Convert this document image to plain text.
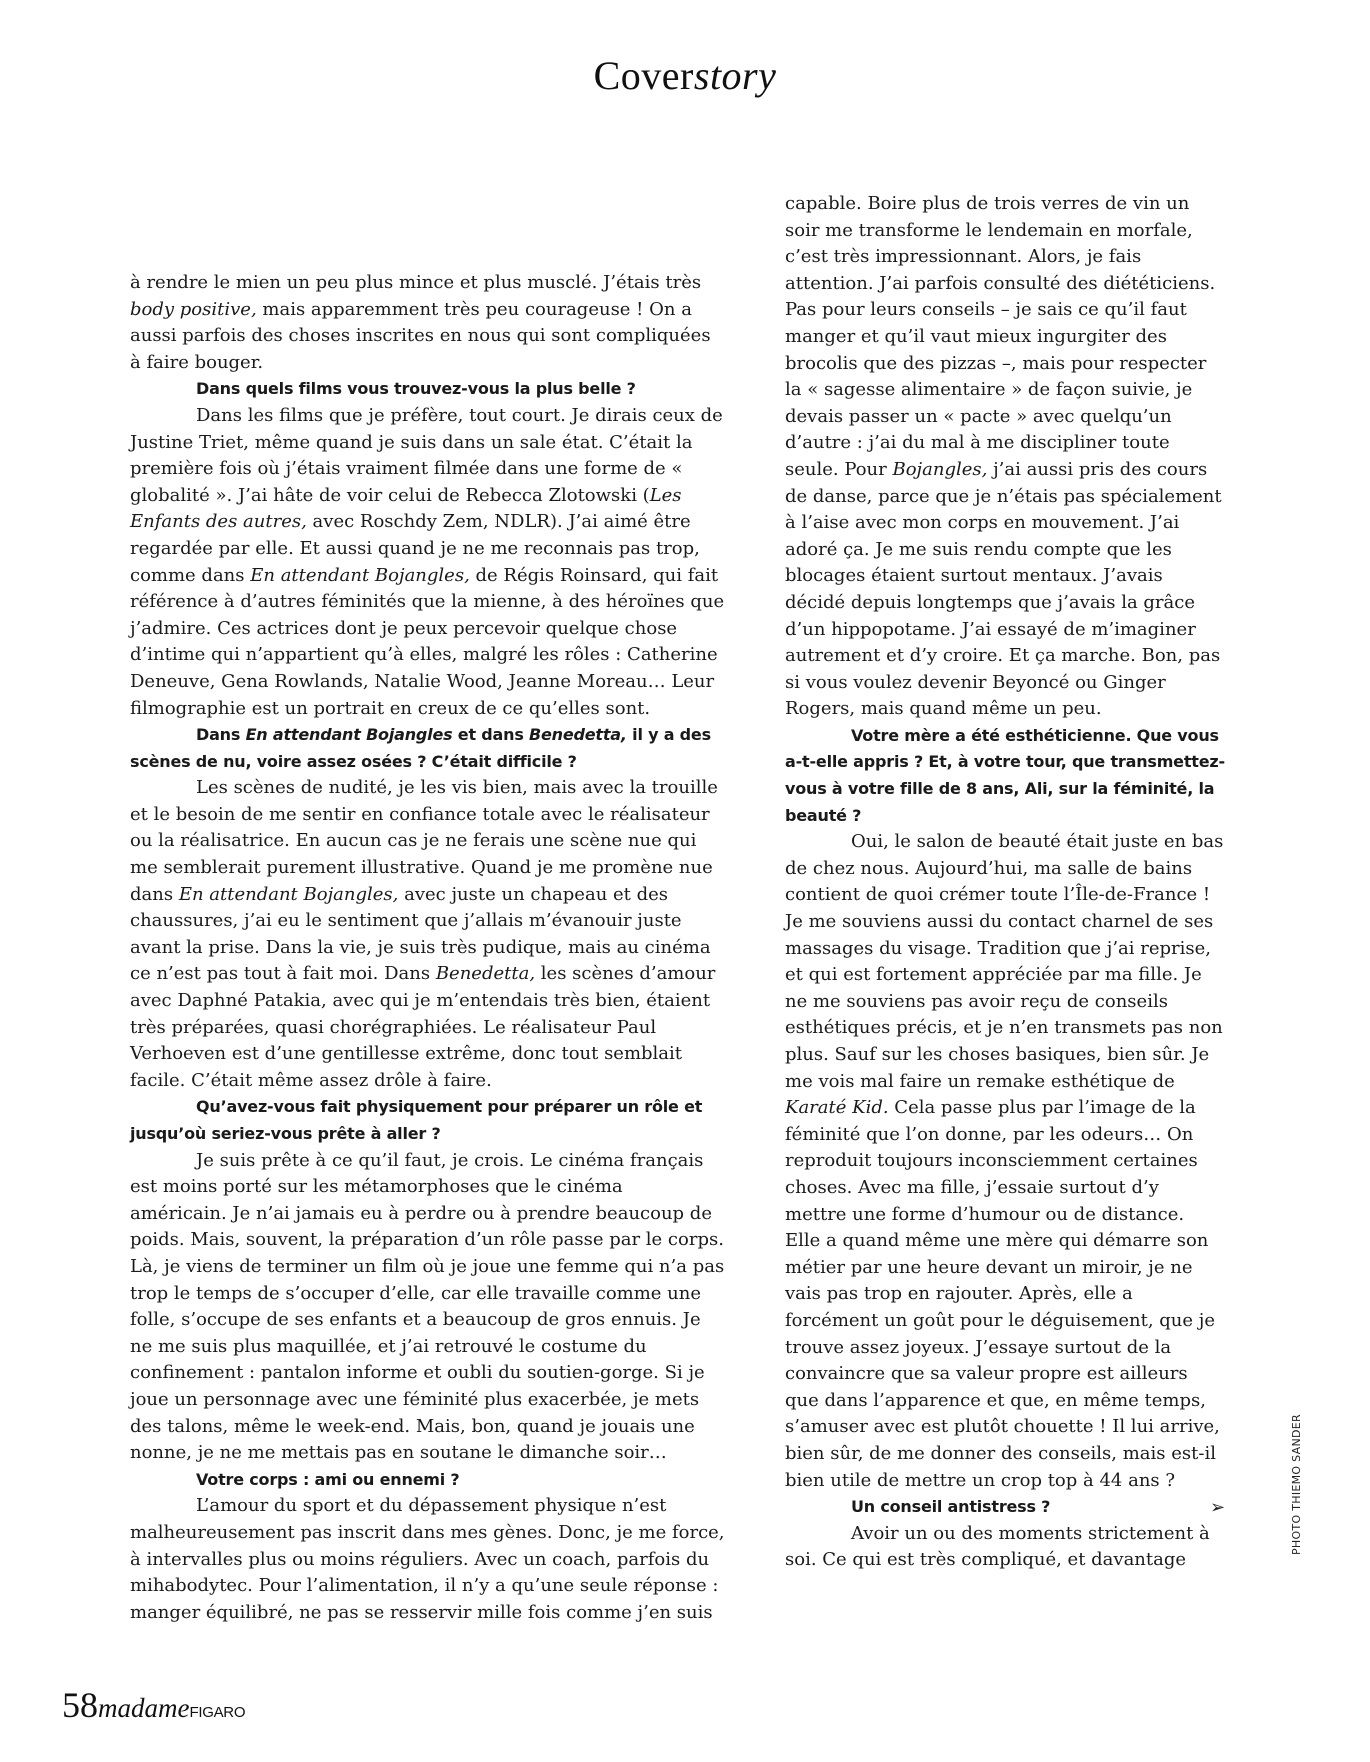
Coverstory

à rendre le mien un peu plus mince et plus musclé. J’étais très body positive, mais apparemment très peu courageuse ! On a aussi parfois des choses inscrites en nous qui sont compliquées à faire bouger.

Dans quels films vous trouvez-vous la plus belle ?

Dans les films que je préfère, tout court. Je dirais ceux de Justine Triet, même quand je suis dans un sale état. C’était la première fois où j’étais vraiment filmée dans une forme de « globalité ». J’ai hâte de voir celui de Rebecca Zlotowski (Les Enfants des autres, avec Roschdy Zem, NDLR). J’ai aimé être regardée par elle. Et aussi quand je ne me reconnais pas trop, comme dans En attendant Bojangles, de Régis Roinsard, qui fait référence à d’autres féminités que la mienne, à des héroïnes que j’admire. Ces actrices dont je peux percevoir quelque chose d’intime qui n’appartient qu’à elles, malgré les rôles : Catherine Deneuve, Gena Rowlands, Natalie Wood, Jeanne Moreau… Leur filmographie est un portrait en creux de ce qu’elles sont.

Dans En attendant Bojangles et dans Benedetta, il y a des scènes de nu, voire assez osées ? C’était difficile ?

Les scènes de nudité, je les vis bien, mais avec la trouille et le besoin de me sentir en confiance totale avec le réalisateur ou la réalisatrice. En aucun cas je ne ferais une scène nue qui me semblerait purement illustrative. Quand je me promène nue dans En attendant Bojangles, avec juste un chapeau et des chaussures, j’ai eu le sentiment que j’allais m’évanouir juste avant la prise. Dans la vie, je suis très pudique, mais au cinéma ce n’est pas tout à fait moi. Dans Benedetta, les scènes d’amour avec Daphné Patakia, avec qui je m’entendais très bien, étaient très préparées, quasi chorégraphiées. Le réalisateur Paul Verhoeven est d’une gentillesse extrême, donc tout semblait facile. C’était même assez drôle à faire.

Qu’avez-vous fait physiquement pour préparer un rôle et jusqu’où seriez-vous prête à aller ?

Je suis prête à ce qu’il faut, je crois. Le cinéma français est moins porté sur les métamorphoses que le cinéma américain. Je n’ai jamais eu à perdre ou à prendre beaucoup de poids. Mais, souvent, la préparation d’un rôle passe par le corps. Là, je viens de terminer un film où je joue une femme qui n’a pas trop le temps de s’occuper d’elle, car elle travaille comme une folle, s’occupe de ses enfants et a beaucoup de gros ennuis. Je ne me suis plus maquillée, et j’ai retrouvé le costume du confinement : pantalon informe et oubli du soutien-gorge. Si je joue un personnage avec une féminité plus exacerbée, je mets des talons, même le week-end. Mais, bon, quand je jouais une nonne, je ne me mettais pas en soutane le dimanche soir…

Votre corps : ami ou ennemi ?

L’amour du sport et du dépassement physique n’est malheureusement pas inscrit dans mes gènes. Donc, je me force, à intervalles plus ou moins réguliers. Avec un coach, parfois du mihabodytec. Pour l’alimentation, il n’y a qu’une seule réponse : manger équilibré, ne pas se resservir mille fois comme j’en suis

capable. Boire plus de trois verres de vin un soir me transforme le lendemain en morfale, c’est très impressionnant. Alors, je fais attention. J’ai parfois consulté des diététiciens. Pas pour leurs conseils – je sais ce qu’il faut manger et qu’il vaut mieux ingurgiter des brocolis que des pizzas –, mais pour respecter la « sagesse alimentaire » de façon suivie, je devais passer un « pacte » avec quelqu’un d’autre : j’ai du mal à me discipliner toute seule. Pour Bojangles, j’ai aussi pris des cours de danse, parce que je n’étais pas spécialement à l’aise avec mon corps en mouvement. J’ai adoré ça. Je me suis rendu compte que les blocages étaient surtout mentaux. J’avais décidé depuis longtemps que j’avais la grâce d’un hippopotame. J’ai essayé de m’imaginer autrement et d’y croire. Et ça marche. Bon, pas si vous voulez devenir Beyoncé ou Ginger Rogers, mais quand même un peu.

Votre mère a été esthéticienne. Que vous a-t-elle appris ? Et, à votre tour, que transmettez-vous à votre fille de 8 ans, Ali, sur la féminité, la beauté ?

Oui, le salon de beauté était juste en bas de chez nous. Aujourd’hui, ma salle de bains contient de quoi crémer toute l’Île-de-France ! Je me souviens aussi du contact charnel de ses massages du visage. Tradition que j’ai reprise, et qui est fortement appréciée par ma fille. Je ne me souviens pas avoir reçu de conseils esthétiques précis, et je n’en transmets pas non plus. Sauf sur les choses basiques, bien sûr. Je me vois mal faire un remake esthétique de Karaté Kid. Cela passe plus par l’image de la féminité que l’on donne, par les odeurs… On reproduit toujours inconsciemment certaines choses. Avec ma fille, j’essaie surtout d’y mettre une forme d’humour ou de distance. Elle a quand même une mère qui démarre son métier par une heure devant un miroir, je ne vais pas trop en rajouter. Après, elle a forcément un goût pour le déguisement, que je trouve assez joyeux. J’essaye surtout de la convaincre que sa valeur propre est ailleurs que dans l’apparence et que, en même temps, s’amuser avec est plutôt chouette ! Il lui arrive, bien sûr, de me donner des conseils, mais est-il bien utile de mettre un crop top à 44 ans ?

Un conseil antistress ?

Avoir un ou des moments strictement à soi. Ce qui est très compliqué, et davantage

➢	PHOTO THIEMO SANDER
58madameFIGARO
